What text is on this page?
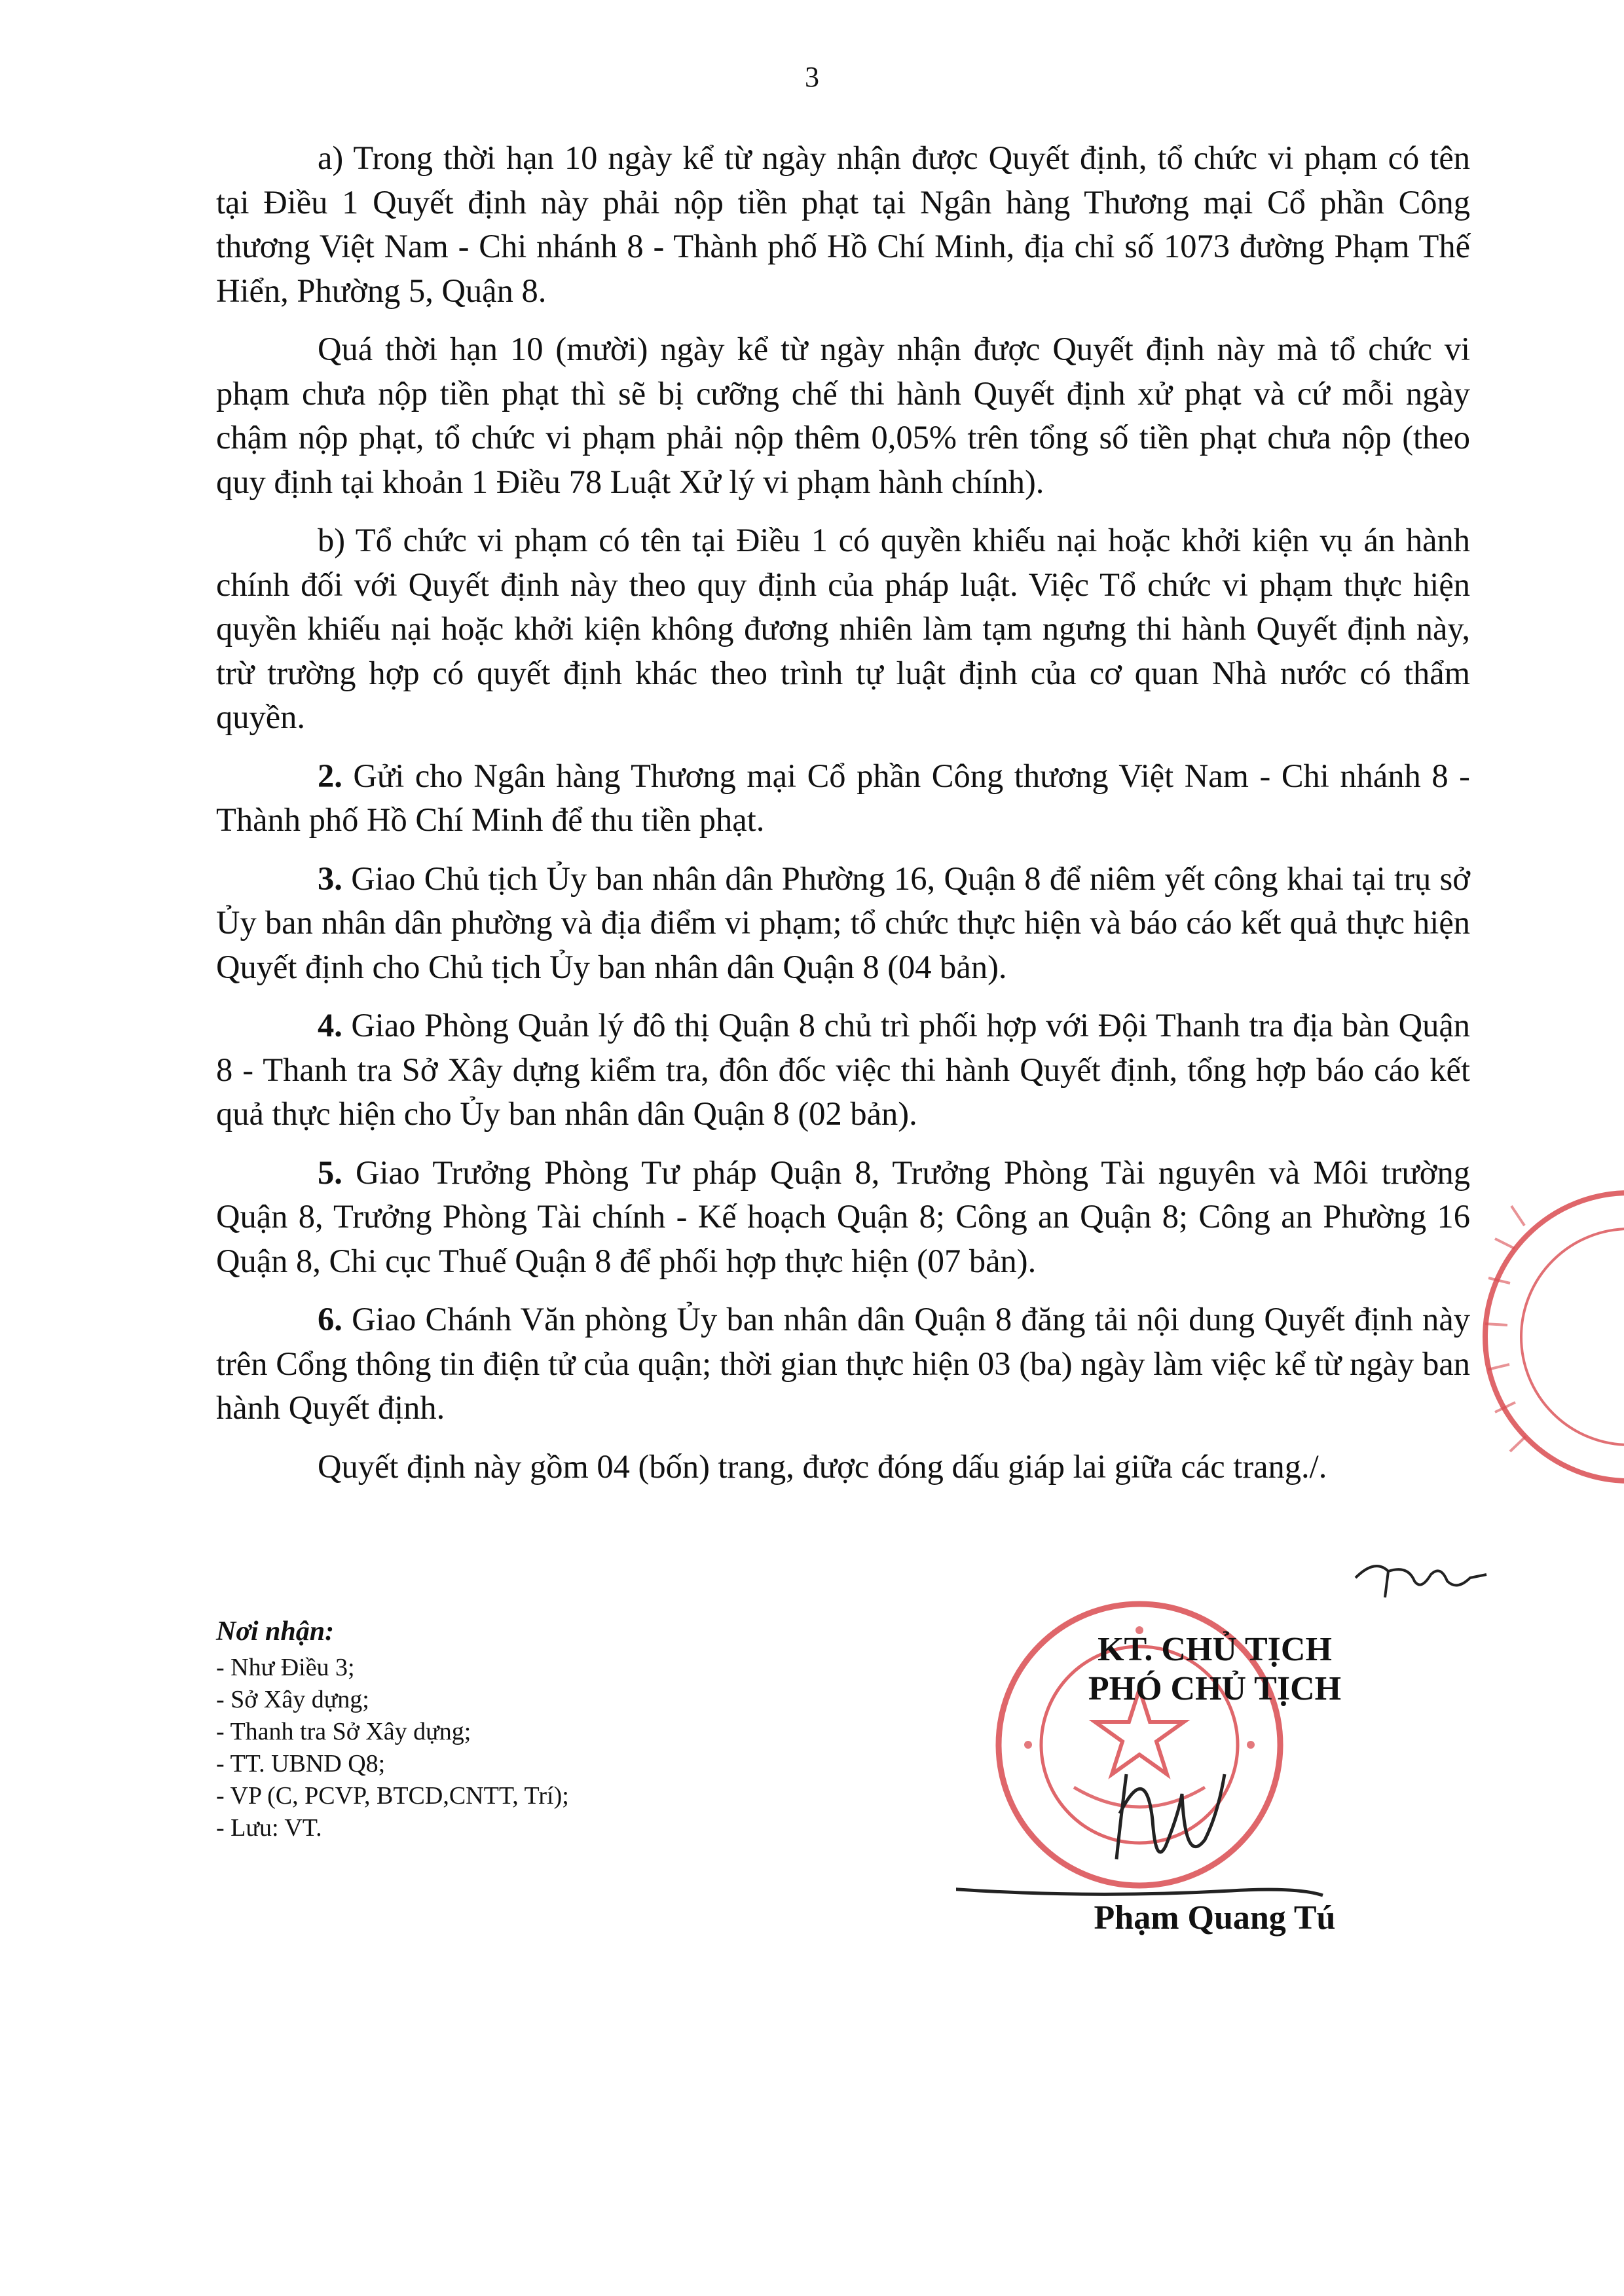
3

a) Trong thời hạn 10 ngày kể từ ngày nhận được Quyết định, tổ chức vi phạm có tên tại Điều 1 Quyết định này phải nộp tiền phạt tại Ngân hàng Thương mại Cổ phần Công thương Việt Nam - Chi nhánh 8 - Thành phố Hồ Chí Minh, địa chỉ số 1073 đường Phạm Thế Hiển, Phường 5, Quận 8.

Quá thời hạn 10 (mười) ngày kể từ ngày nhận được Quyết định này mà tổ chức vi phạm chưa nộp tiền phạt thì sẽ bị cưỡng chế thi hành Quyết định xử phạt và cứ mỗi ngày chậm nộp phạt, tổ chức vi phạm phải nộp thêm 0,05% trên tổng số tiền phạt chưa nộp (theo quy định tại khoản 1 Điều 78 Luật Xử lý vi phạm hành chính).

b) Tổ chức vi phạm có tên tại Điều 1 có quyền khiếu nại hoặc khởi kiện vụ án hành chính đối với Quyết định này theo quy định của pháp luật. Việc Tổ chức vi phạm thực hiện quyền khiếu nại hoặc khởi kiện không đương nhiên làm tạm ngưng thi hành Quyết định này, trừ trường hợp có quyết định khác theo trình tự luật định của cơ quan Nhà nước có thẩm quyền.

2. Gửi cho Ngân hàng Thương mại Cổ phần Công thương Việt Nam - Chi nhánh 8 - Thành phố Hồ Chí Minh để thu tiền phạt.

3. Giao Chủ tịch Ủy ban nhân dân Phường 16, Quận 8 để niêm yết công khai tại trụ sở Ủy ban nhân dân phường và địa điểm vi phạm; tổ chức thực hiện và báo cáo kết quả thực hiện Quyết định cho Chủ tịch Ủy ban nhân dân Quận 8 (04 bản).

4. Giao Phòng Quản lý đô thị Quận 8 chủ trì phối hợp với Đội Thanh tra địa bàn Quận 8 - Thanh tra Sở Xây dựng kiểm tra, đôn đốc việc thi hành Quyết định, tổng hợp báo cáo kết quả thực hiện cho Ủy ban nhân dân Quận 8 (02 bản).

5. Giao Trưởng Phòng Tư pháp Quận 8, Trưởng Phòng Tài nguyên và Môi trường Quận 8, Trưởng Phòng Tài chính - Kế hoạch Quận 8; Công an Quận 8; Công an Phường 16 Quận 8, Chi cục Thuế Quận 8 để phối hợp thực hiện (07 bản).

6. Giao Chánh Văn phòng Ủy ban nhân dân Quận 8 đăng tải nội dung Quyết định này trên Cổng thông tin điện tử của quận; thời gian thực hiện 03 (ba) ngày làm việc kể từ ngày ban hành Quyết định.

Quyết định này gồm 04 (bốn) trang, được đóng dấu giáp lai giữa các trang./.

Nơi nhận:
- Như Điều 3;
- Sở Xây dựng;
- Thanh tra Sở Xây dựng;
- TT. UBND Q8;
- VP (C, PCVP, BTCD,CNTT, Trí);
- Lưu: VT.
KT. CHỦ TỊCH
PHÓ CHỦ TỊCH
Phạm Quang Tú
